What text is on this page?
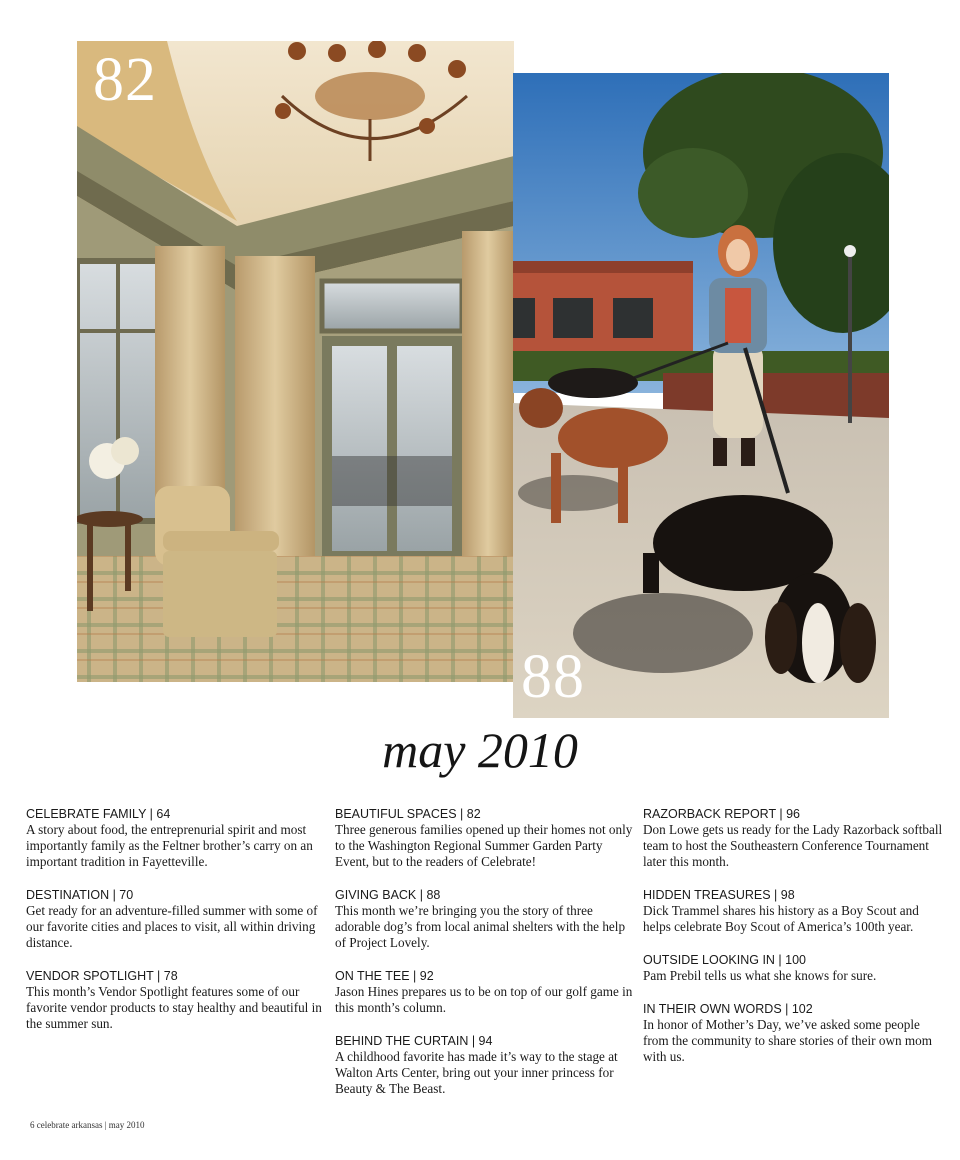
82
88
may 2010
CELEBRATE FAMILY | 64
A story about food, the entreprenurial spirit and most importantly family as the Feltner brother’s carry on an important tradition in Fayetteville.
DESTINATION | 70
Get ready for an adventure-filled summer with some of our favorite cities and places to visit, all within driving distance.
VENDOR SPOTLIGHT | 78
This month’s Vendor Spotlight features some of our favorite vendor products to stay healthy and beautiful in the summer sun.
BEAUTIFUL SPACES | 82
Three generous families opened up their homes not only to the Washington Regional Summer Garden Party Event, but to the readers of Celebrate!
GIVING BACK | 88
This month we’re bringing you the story of three adorable dog’s from local animal shelters with the help of Project Lovely.
ON THE TEE | 92
Jason Hines prepares us to be on top of our golf game in this month’s column.
BEHIND THE CURTAIN | 94
A childhood favorite has made it’s way to the stage at Walton Arts Center, bring out your inner princess for Beauty & The Beast.
RAZORBACK REPORT | 96
Don Lowe gets us ready for the Lady Razorback softball team to host the Southeastern Conference Tournament later this month.
HIDDEN TREASURES | 98
Dick Trammel shares his history as a Boy Scout and helps celebrate Boy Scout of America’s 100th year.
OUTSIDE LOOKING IN | 100
Pam Prebil tells us what she knows for sure.
IN THEIR OWN WORDS | 102
In honor of Mother’s Day, we’ve asked some people from the community to share stories of their own mom with us.
6 celebrate arkansas | may 2010
